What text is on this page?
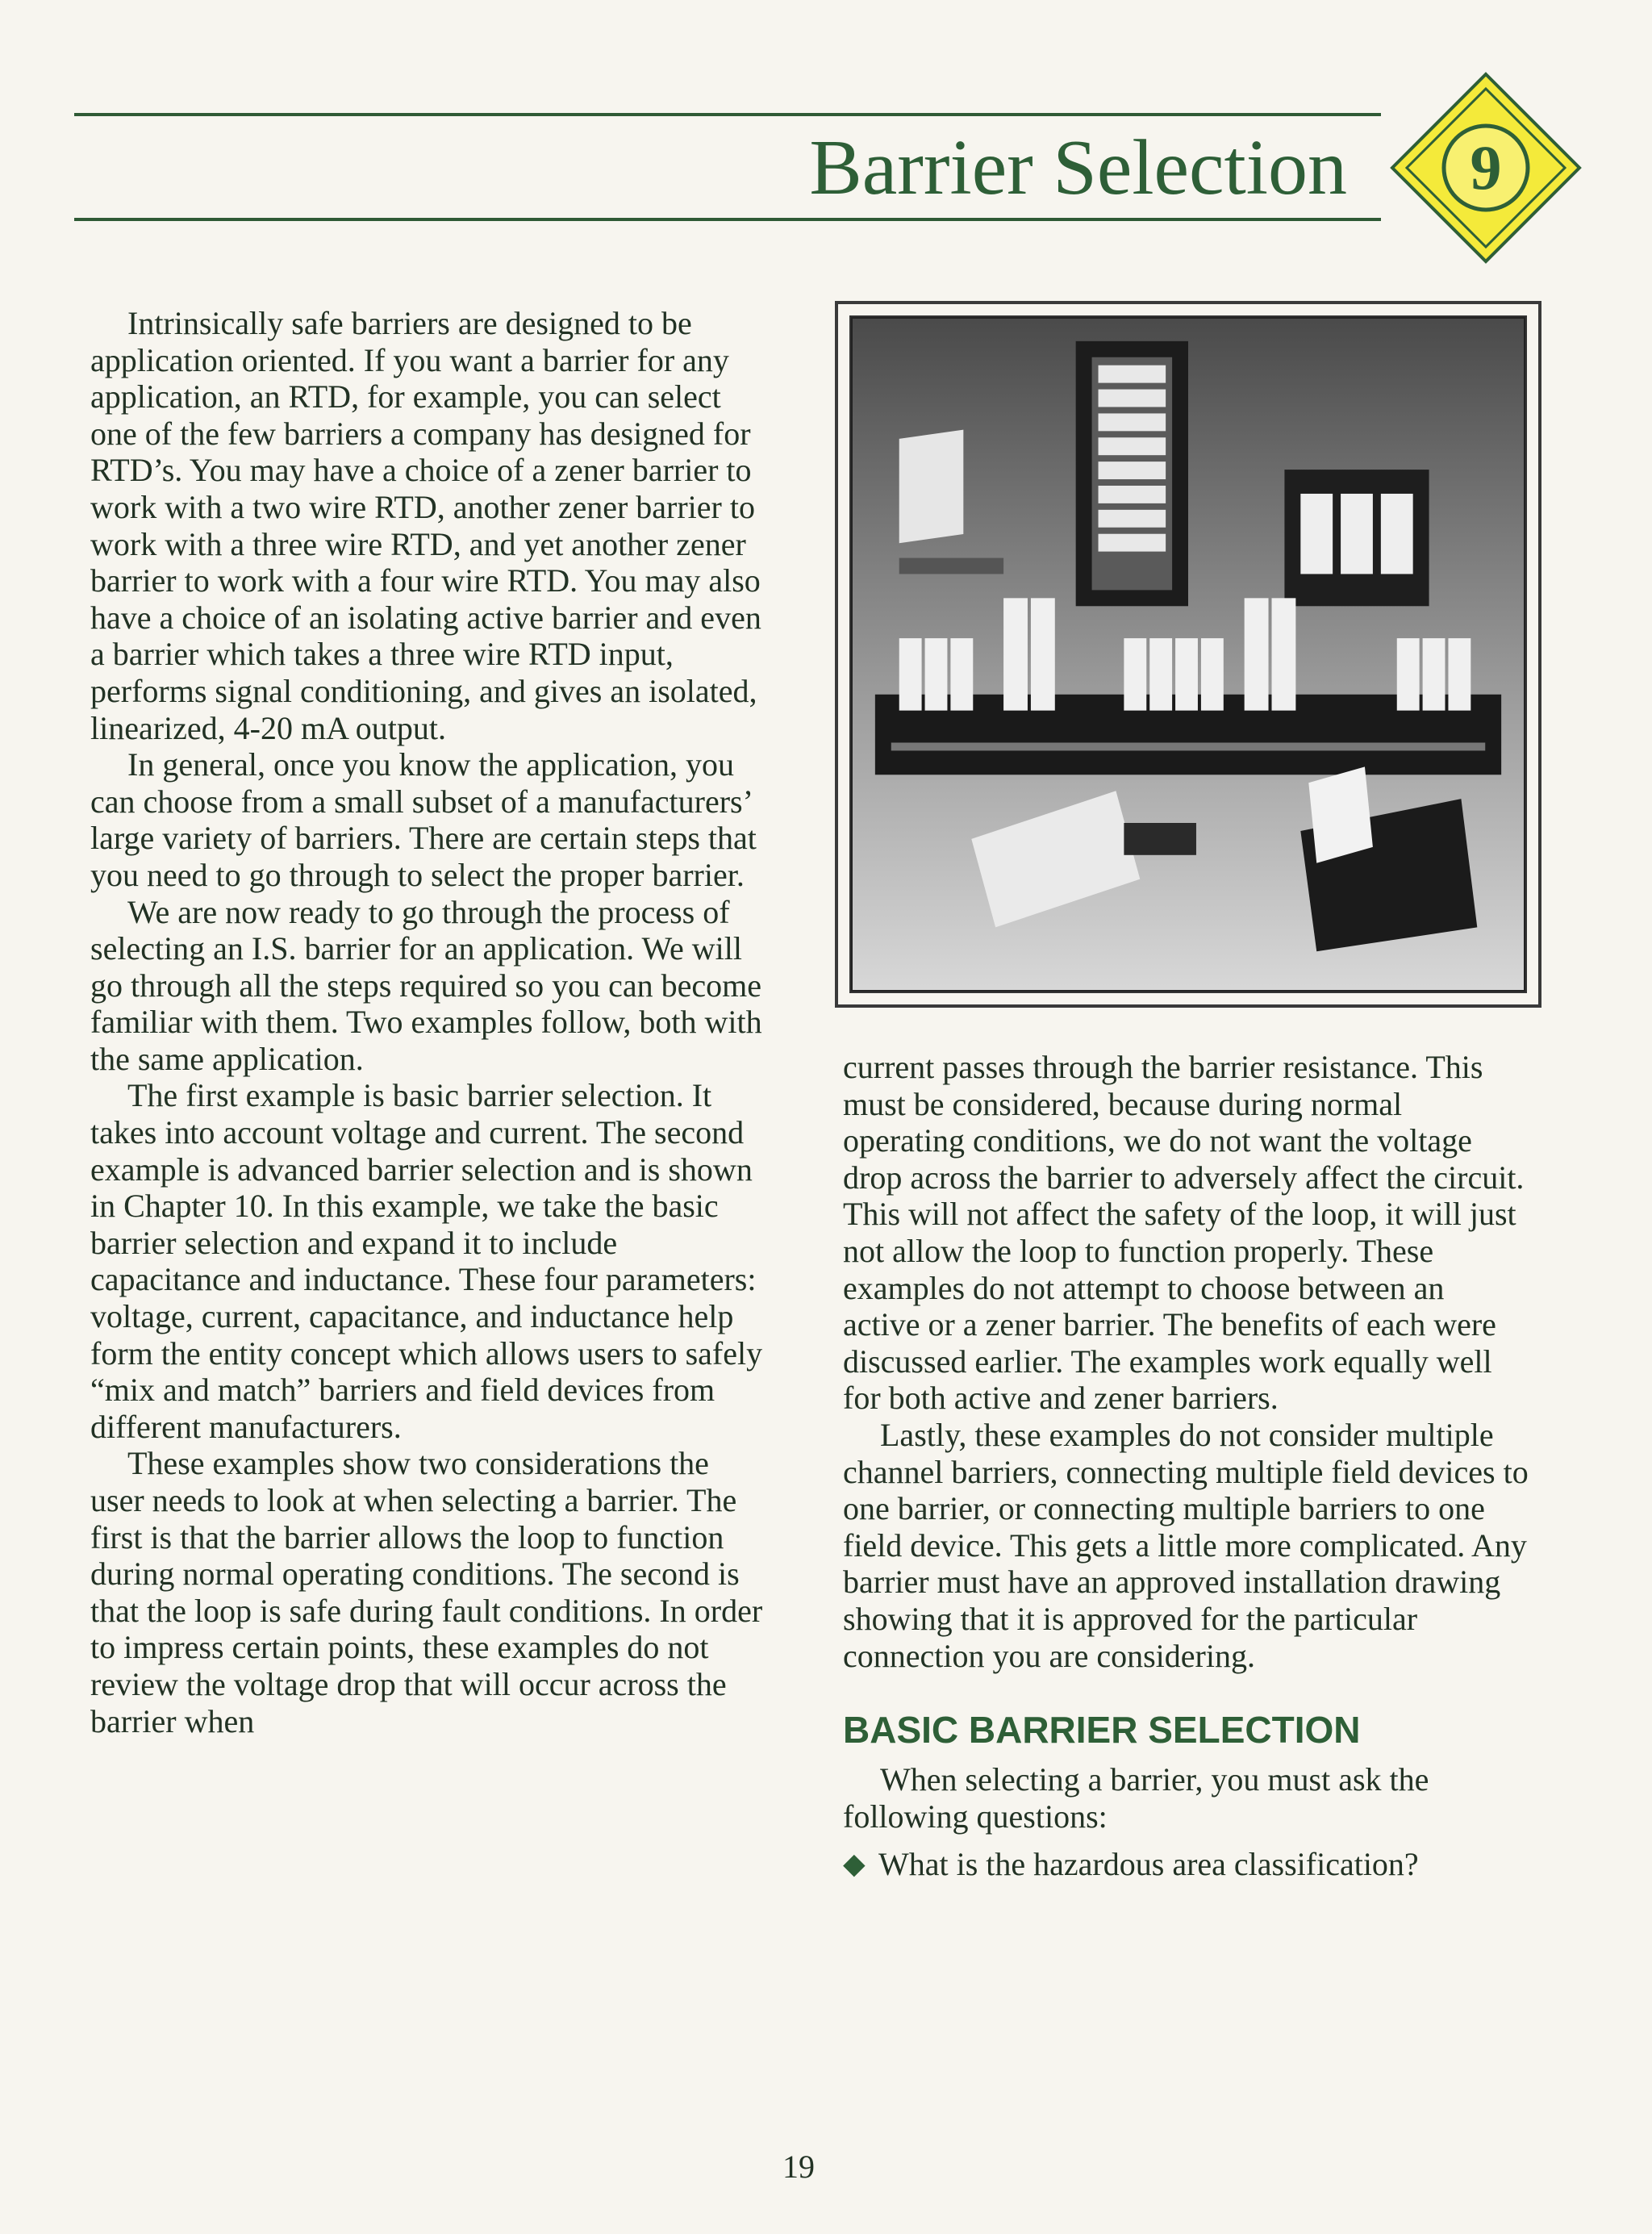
Barrier Selection 9

Intrinsically safe barriers are designed to be application oriented. If you want a barrier for any application, an RTD, for example, you can select one of the few barriers a company has designed for RTD’s. You may have a choice of a zener barrier to work with a two wire RTD, another zener barrier to work with a three wire RTD, and yet another zener barrier to work with a four wire RTD. You may also have a choice of an isolating active barrier and even a barrier which takes a three wire RTD input, performs signal conditioning, and gives an isolated, linearized, 4-20 mA output.

In general, once you know the application, you can choose from a small subset of a manufacturers’ large variety of barriers. There are certain steps that you need to go through to select the proper barrier.

We are now ready to go through the process of selecting an I.S. barrier for an application. We will go through all the steps required so you can become familiar with them. Two examples follow, both with the same application.

The first example is basic barrier selection. It takes into account voltage and current. The second example is advanced barrier selection and is shown in Chapter 10. In this example, we take the basic barrier selection and expand it to include capacitance and inductance. These four parameters: voltage, current, capacitance, and inductance help form the entity concept which allows users to safely “mix and match” barriers and field devices from different manufacturers.

These examples show two considerations the user needs to look at when selecting a barrier. The first is that the barrier allows the loop to function during normal operating conditions. The second is that the loop is safe during fault conditions. In order to impress certain points, these examples do not review the voltage drop that will occur across the barrier when

current passes through the barrier resistance. This must be considered, because during normal operating conditions, we do not want the voltage drop across the barrier to adversely affect the circuit. This will not affect the safety of the loop, it will just not allow the loop to function properly. These examples do not attempt to choose between an active or a zener barrier. The benefits of each were discussed earlier. The examples work equally well for both active and zener barriers.

Lastly, these examples do not consider multiple channel barriers, connecting multiple field devices to one barrier, or connecting multiple barriers to one field device. This gets a little more complicated. Any barrier must have an approved installation drawing showing that it is approved for the particular connection you are considering.

BASIC BARRIER SELECTION

When selecting a barrier, you must ask the following questions:

◆ What is the hazardous area classification?
19
